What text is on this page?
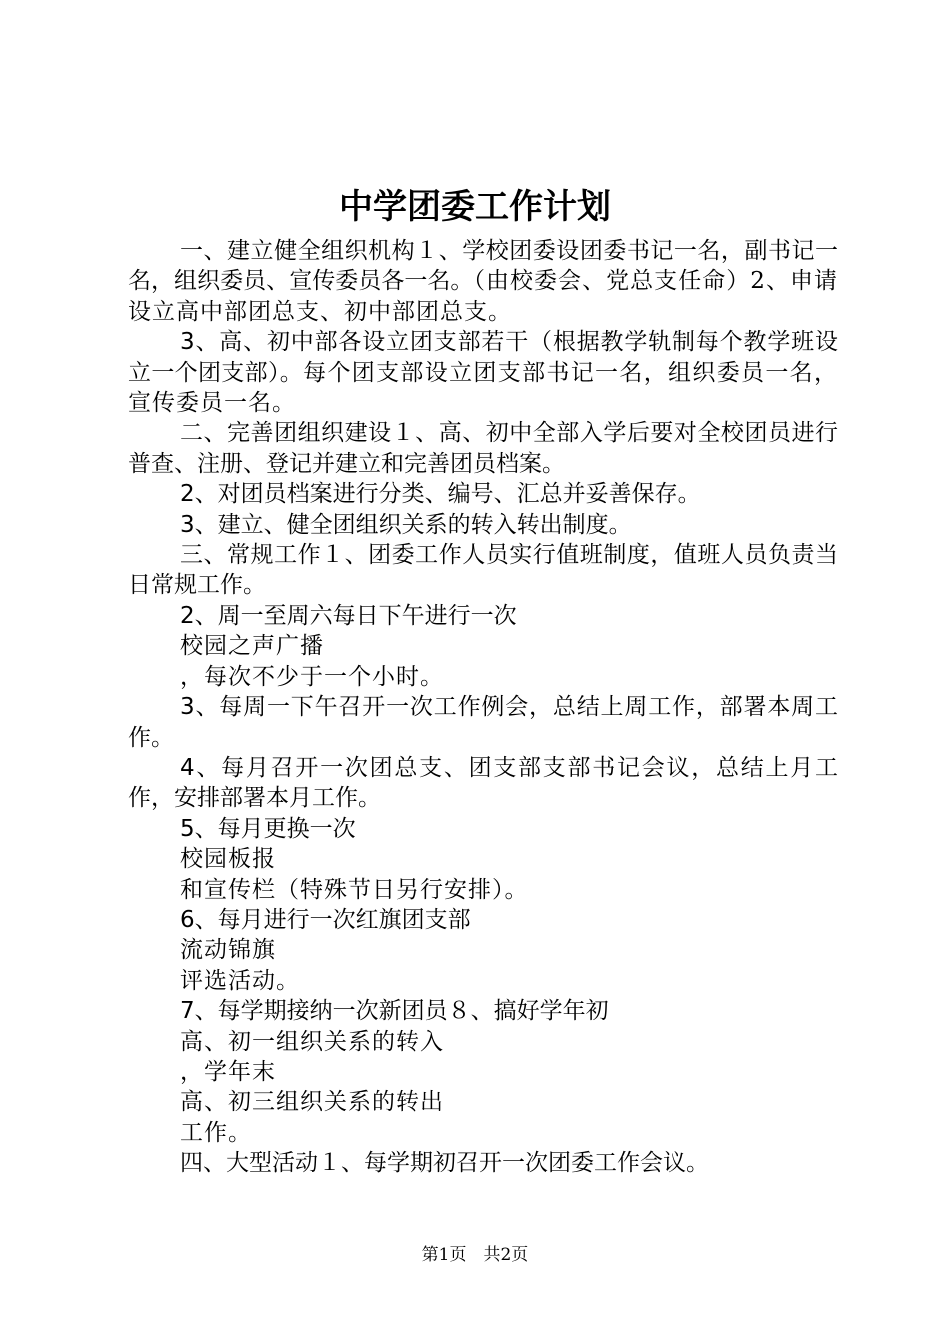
中学团委工作计划

一、建立健全组织机构１、学校团委设团委书记一名，副书记一名，组织委员、宣传委员各一名。（由校委会、党总支任命）2、申请设立高中部团总支、初中部团总支。

3、高、初中部各设立团支部若干（根据教学轨制每个教学班设立一个团支部）。每个团支部设立团支部书记一名，组织委员一名，宣传委员一名。

二、完善团组织建设１、高、初中全部入学后要对全校团员进行普查、注册、登记并建立和完善团员档案。

2、对团员档案进行分类、编号、汇总并妥善保存。

3、建立、健全团组织关系的转入转出制度。

三、常规工作１、团委工作人员实行值班制度，值班人员负责当日常规工作。

2、周一至周六每日下午进行一次

校园之声广播

，每次不少于一个小时。

3、每周一下午召开一次工作例会，总结上周工作，部署本周工作。

4、每月召开一次团总支、团支部支部书记会议，总结上月工作，安排部署本月工作。

5、每月更换一次

校园板报

和宣传栏（特殊节日另行安排）。

6、每月进行一次红旗团支部

流动锦旗

评选活动。

7、每学期接纳一次新团员８、搞好学年初

高、初一组织关系的转入

，学年末

高、初三组织关系的转出

工作。

四、大型活动１、每学期初召开一次团委工作会议。

第1页　共2页
